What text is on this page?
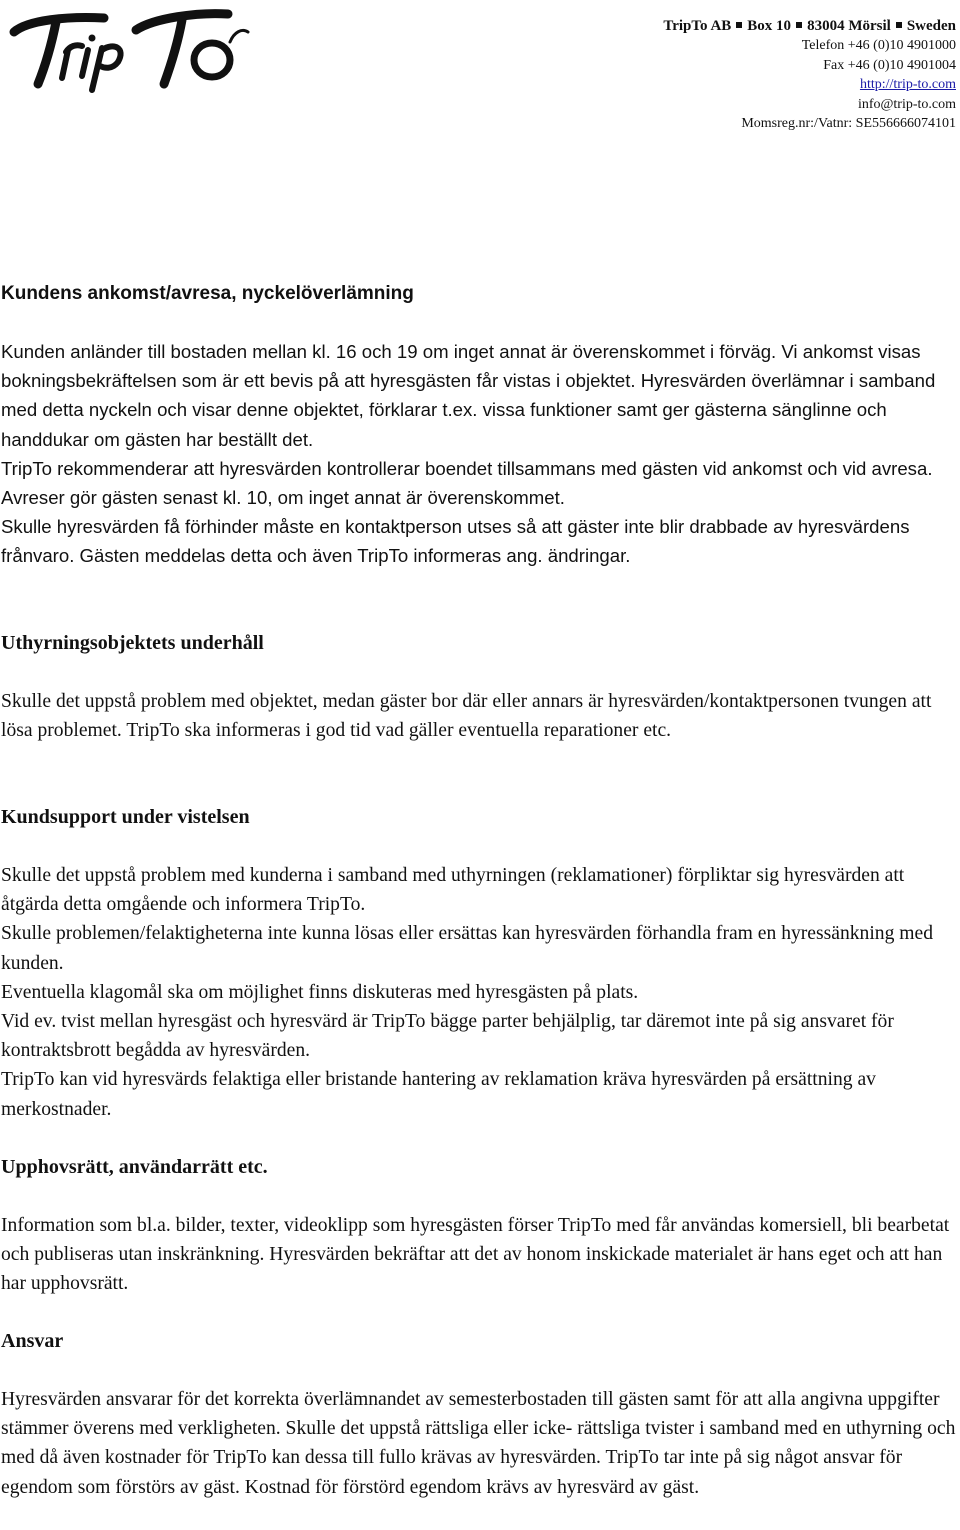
TripTo AB Box 10 83004 Mörsil Sweden
Telefon +46 (0)10 4901000
Fax +46 (0)10 4901004
http://trip-to.com
info@trip-to.com
Momsreg.nr:/Vatnr: SE556666074101
Kundens ankomst/avresa, nyckelöverlämning

Kunden anländer till bostaden mellan kl. 16 och 19 om inget annat är överenskommet i förväg. Vi ankomst visas bokningsbekräftelsen som är ett bevis på att hyresgästen får vistas i objektet. Hyresvärden överlämnar i samband med detta nyckeln och visar denne objektet, förklarar t.ex. vissa funktioner samt ger gästerna sänglinne och handdukar om gästen har beställt det.

TripTo rekommenderar att hyresvärden kontrollerar boendet tillsammans med gästen vid ankomst och vid avresa. Avreser gör gästen senast kl. 10, om inget annat är överenskommet.

Skulle hyresvärden få förhinder måste en kontaktperson utses så att gäster inte blir drabbade av hyresvärdens frånvaro. Gästen meddelas detta och även TripTo informeras ang. ändringar.

Uthyrningsobjektets underhåll

Skulle det uppstå problem med objektet, medan gäster bor där eller annars är hyresvärden/kontaktpersonen tvungen att lösa problemet. TripTo ska informeras i god tid vad gäller eventuella reparationer etc.

Kundsupport under vistelsen

Skulle det uppstå problem med kunderna i samband med uthyrningen (reklamationer) förpliktar sig hyresvärden att åtgärda detta omgående och informera TripTo.

Skulle problemen/felaktigheterna inte kunna lösas eller ersättas kan hyresvärden förhandla fram en hyressänkning med kunden.

Eventuella klagomål ska om möjlighet finns diskuteras med hyresgästen på plats.

Vid ev. tvist mellan hyresgäst och hyresvärd är TripTo bägge parter behjälplig, tar däremot inte på sig ansvaret för kontraktsbrott begådda av hyresvärden.

TripTo kan vid hyresvärds felaktiga eller bristande hantering av reklamation kräva hyresvärden på ersättning av merkostnader.

Upphovsrätt, användarrätt etc.

Information som bl.a. bilder, texter, videoklipp som hyresgästen förser TripTo med får användas komersiell, bli bearbetat och publiseras utan inskränkning. Hyresvärden bekräftar att det av honom inskickade materialet är hans eget och att han har upphovsrätt.

Ansvar

Hyresvärden ansvarar för det korrekta överlämnandet av semesterbostaden till gästen samt för att alla angivna uppgifter stämmer överens med verkligheten. Skulle det uppstå rättsliga eller icke- rättsliga tvister i samband med en uthyrning och med då även kostnader för TripTo kan dessa till fullo krävas av hyresvärden. TripTo tar inte på sig något ansvar för egendom som förstörs av gäst. Kostnad för förstörd egendom krävs av hyresvärd av gäst.
